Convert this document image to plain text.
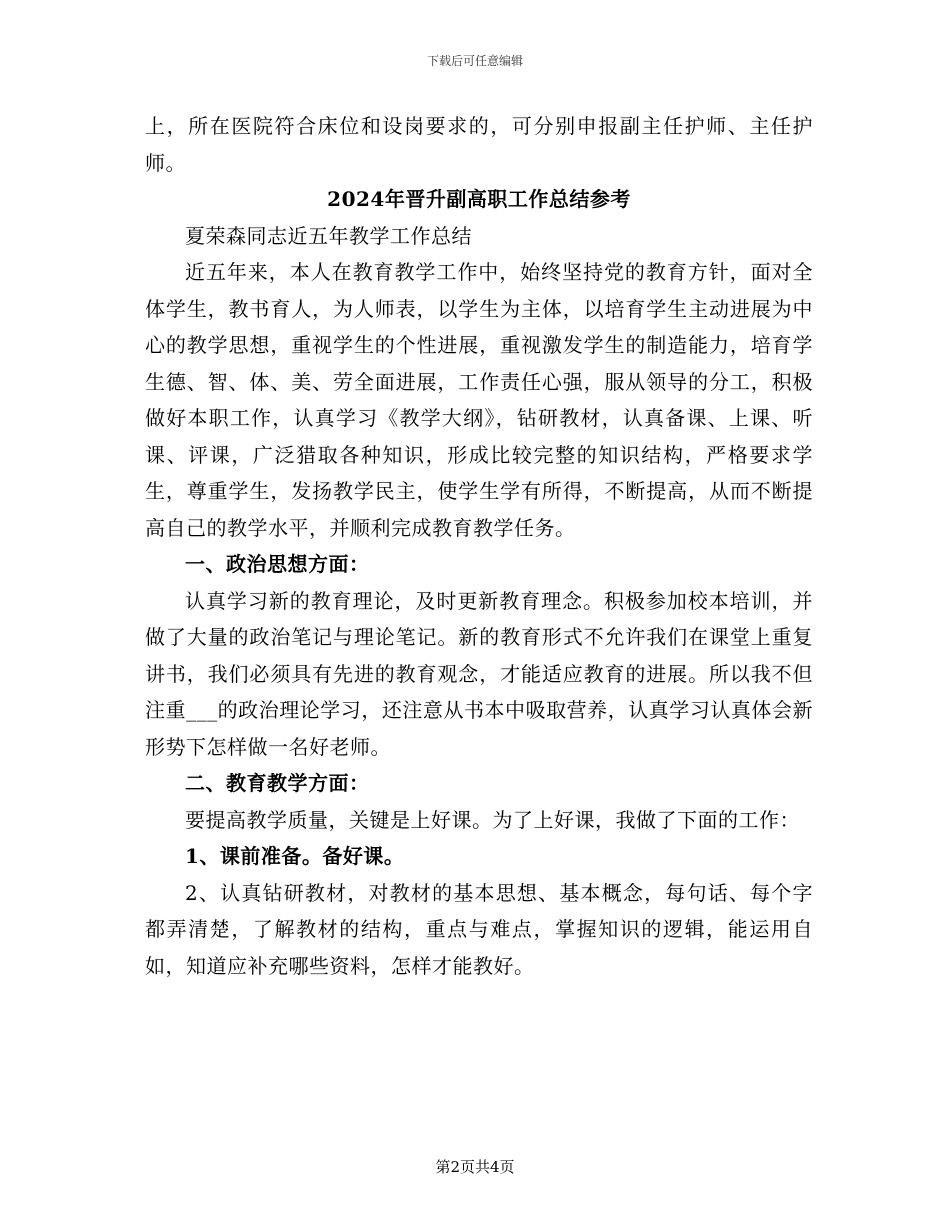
下载后可任意编辑

上，所在医院符合床位和设岗要求的，可分别申报副主任护师、主任护师。

2024年晋升副高职工作总结参考

夏荣森同志近五年教学工作总结

近五年来，本人在教育教学工作中，始终坚持党的教育方针，面对全体学生，教书育人，为人师表，以学生为主体，以培育学生主动进展为中心的教学思想，重视学生的个性进展，重视激发学生的制造能力，培育学生德、智、体、美、劳全面进展，工作责任心强，服从领导的分工，积极做好本职工作，认真学习《教学大纲》，钻研教材，认真备课、上课、听课、评课，广泛猎取各种知识，形成比较完整的知识结构，严格要求学生，尊重学生，发扬教学民主，使学生学有所得，不断提高，从而不断提高自己的教学水平，并顺利完成教育教学任务。

一、政治思想方面：

认真学习新的教育理论，及时更新教育理念。积极参加校本培训，并做了大量的政治笔记与理论笔记。新的教育形式不允许我们在课堂上重复讲书，我们必须具有先进的教育观念，才能适应教育的进展。所以我不但注重___的政治理论学习，还注意从书本中吸取营养，认真学习认真体会新形势下怎样做一名好老师。

二、教育教学方面：

要提高教学质量，关键是上好课。为了上好课，我做了下面的工作：

1、课前准备。备好课。

2、认真钻研教材，对教材的基本思想、基本概念，每句话、每个字都弄清楚，了解教材的结构，重点与难点，掌握知识的逻辑，能运用自如，知道应补充哪些资料，怎样才能教好。

第2页共4页
